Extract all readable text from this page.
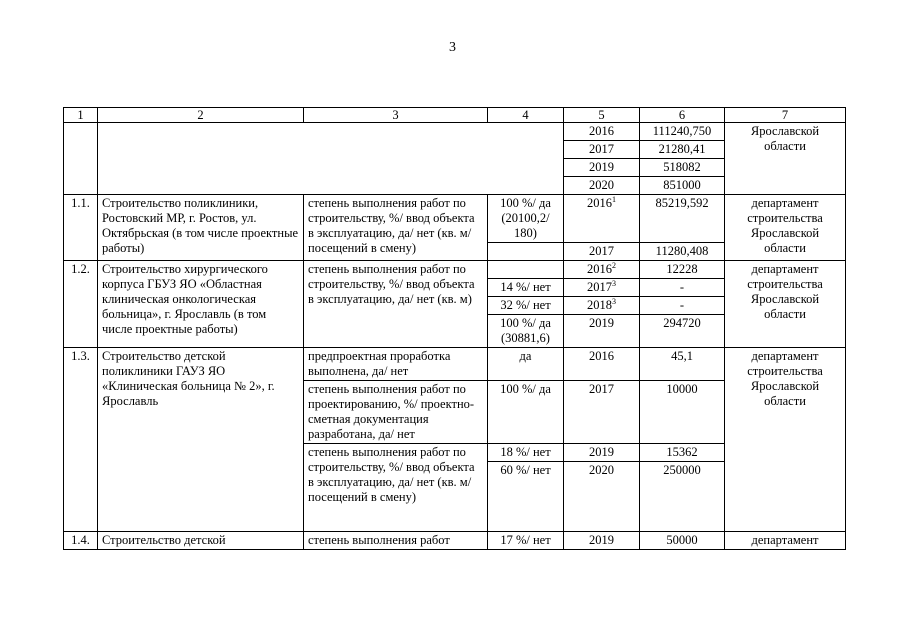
3
1	2	3	4	5	6	7
				2016	111240,750	Ярославской области
				2017	21280,41	
				2019	518082	
				2020	851000	
1.1.	Строительство поликлиники, Ростовский МР, г. Ростов, ул. Октябрьская (в том числе проектные работы)	степень выполнения работ по строительству, %/ ввод объекта в эксплуатацию, да/ нет (кв. м/ посещений в смену)	100 %/ да (20100,2/ 180)	2016$^1$	85219,592	департамент строительства Ярославской области
				2017	11280,408	
1.2.	Строительство хирургического корпуса ГБУЗ ЯО «Областная клиническая онкологическая больница», г. Ярославль (в том числе проектные работы)	степень выполнения работ по строительству, %/ ввод объекта в эксплуатацию, да/ нет (кв. м)		2016$^2$	12228	департамент строительства Ярославской области
			14 %/ нет	2017$^3$	-	
			32 %/ нет	2018$^3$	-	
			100 %/ да (30881,6)	2019	294720	
1.3.	Строительство детской поликлиники ГАУЗ ЯО «Клиническая больница № 2», г. Ярославль	предпроектная проработка выполнена, да/ нет	да	2016	45,1	департамент строительства Ярославской области
		степень выполнения работ по проектированию, %/ проектно-сметная документация разработана, да/ нет	100 %/ да	2017	10000	
		степень выполнения работ по строительству, %/ ввод объекта в эксплуатацию, да/ нет (кв. м/ посещений в смену)	18 %/ нет	2019	15362	
			60 %/ нет	2020	250000	
1.4.	Строительство детской	степень выполнения работ	17 %/ нет	2019	50000	департамент
